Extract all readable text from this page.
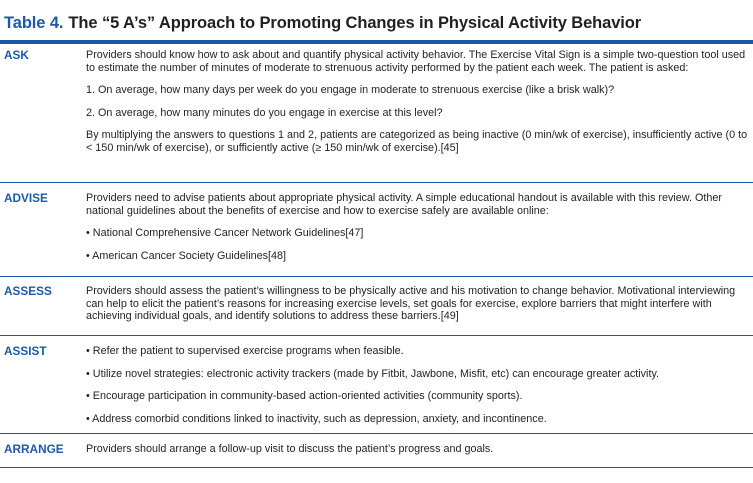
Table 4. The “5 A’s” Approach to Promoting Changes in Physical Activity Behavior
ASK	Providers should know how to ask about and quantify physical activity behavior. The Exercise Vital Sign is a simple two-question tool used to estimate the number of minutes of moderate to strenuous activity performed by the patient each week. The patient is asked:

1. On average, how many days per week do you engage in moderate to strenuous exercise (like a brisk walk)?

2. On average, how many minutes do you engage in exercise at this level?

By multiplying the answers to questions 1 and 2, patients are categorized as being inactive (0 min/wk of exercise), insufficiently active (0 to < 150 min/wk of exercise), or sufficiently active (≥ 150 min/wk of exercise).[45]

ADVISE	Providers need to advise patients about appropriate physical activity. A simple educational handout is available with this review. Other national guidelines about the benefits of exercise and how to exercise safely are available online:

• National Comprehensive Cancer Network Guidelines[47]

• American Cancer Society Guidelines[48]

ASSESS	Providers should assess the patient’s willingness to be physically active and his motivation to change behavior. Motivational interviewing can help to elicit the patient’s reasons for increasing exercise levels, set goals for exercise, explore barriers that might interfere with achieving individual goals, and identify solutions to address these barriers.[49]

ASSIST	• Refer the patient to supervised exercise programs when feasible.

• Utilize novel strategies: electronic activity trackers (made by Fitbit, Jawbone, Misfit, etc) can encourage greater activity.

• Encourage participation in community-based action-oriented activities (community sports).

• Address comorbid conditions linked to inactivity, such as depression, anxiety, and incontinence.

ARRANGE Providers should arrange a follow-up visit to discuss the patient’s progress and goals.
